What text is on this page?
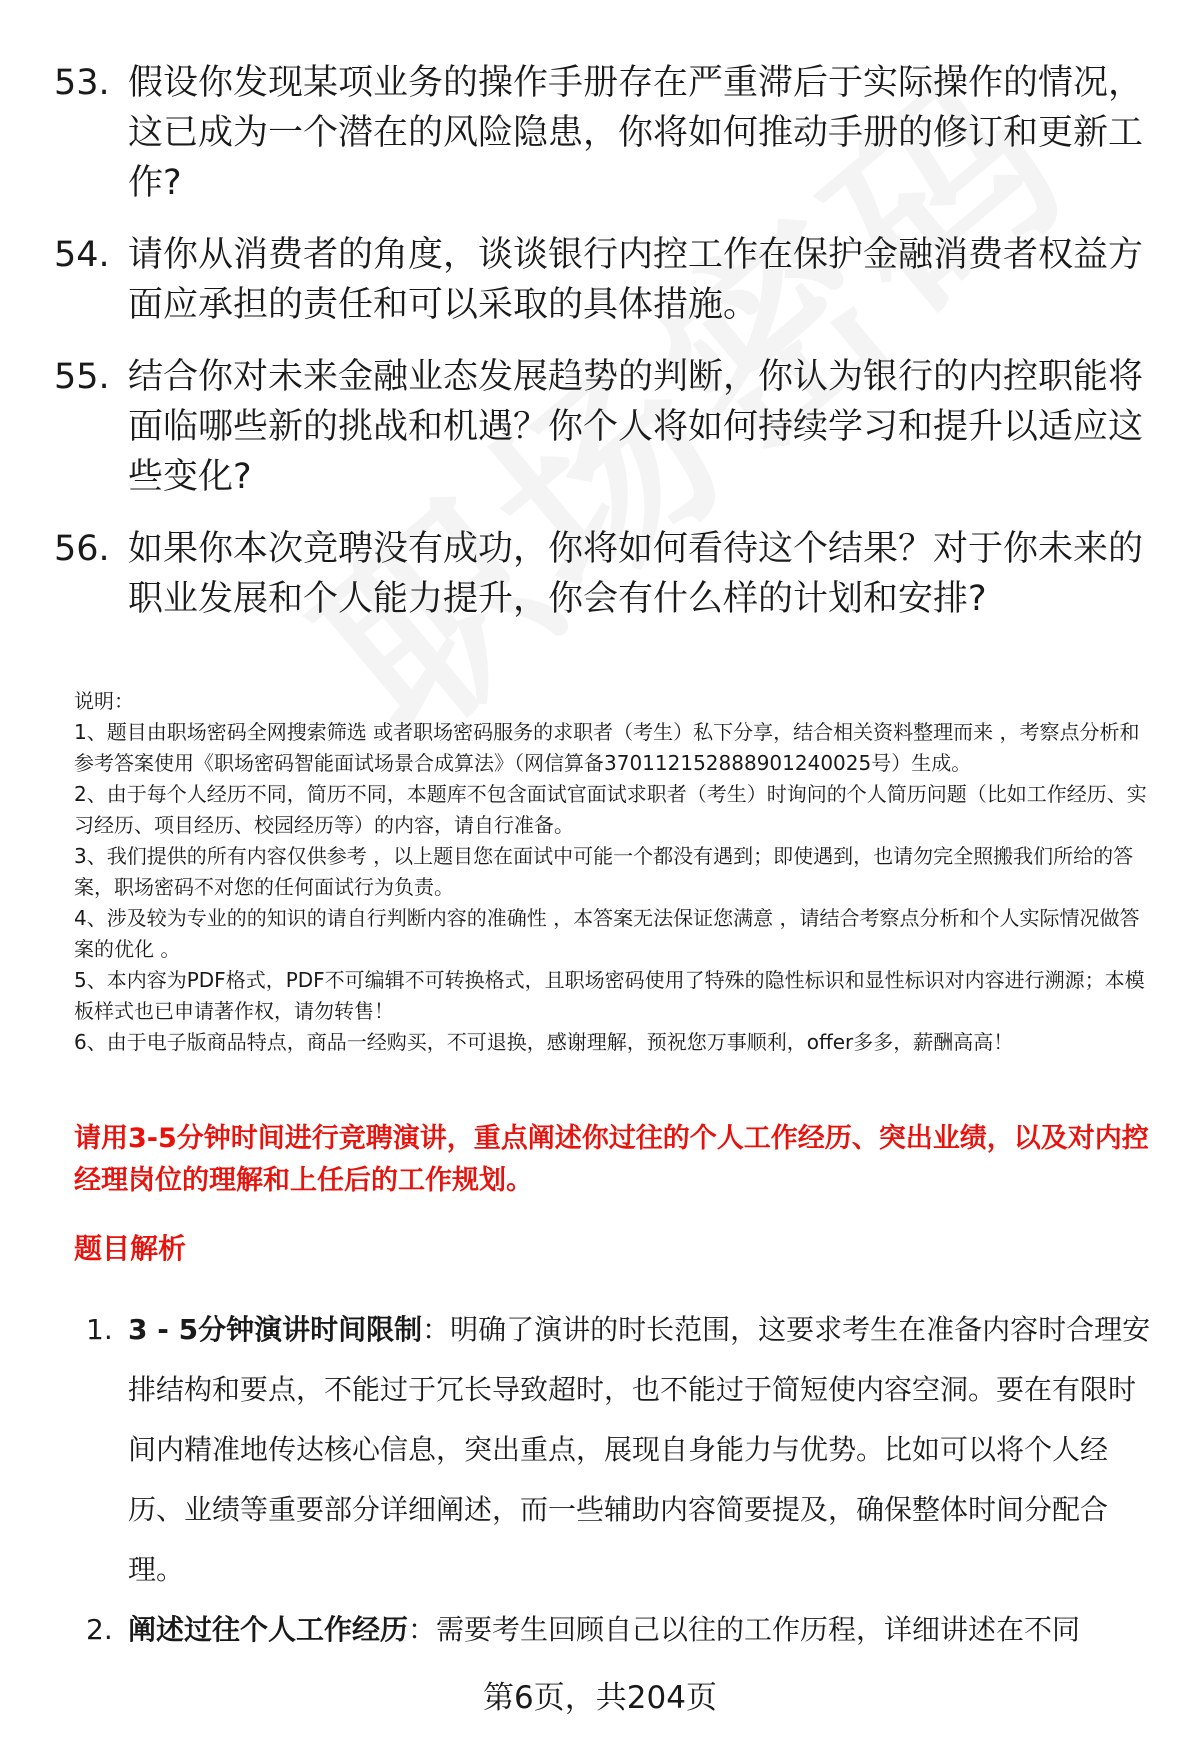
53. 假设你发现某项业务的操作手册存在严重滞后于实际操作的情况，这已成为一个潜在的风险隐患，你将如何推动手册的修订和更新工作?
54. 请你从消费者的角度，谈谈银行内控工作在保护金融消费者权益方面应承担的责任和可以采取的具体措施。
55. 结合你对未来金融业态发展趋势的判断，你认为银行的内控职能将面临哪些新的挑战和机遇？你个人将如何持续学习和提升以适应这些变化?
56. 如果你本次竞聘没有成功，你将如何看待这个结果？对于你未来的职业发展和个人能力提升，你会有什么样的计划和安排?

说明：

1、题目由职场密码全网搜索筛选 或者职场密码服务的求职者（考生）私下分享，结合相关资料整理而来 ，考察点分析和参考答案使用《职场密码智能面试场景合成算法》（网信算备370112152888901240025号）生成。

2、由于每个人经历不同，简历不同，本题库不包含面试官面试求职者（考生）时询问的个人简历问题（比如工作经历、实习经历、项目经历、校园经历等）的内容，请自行准备。

3、我们提供的所有内容仅供参考 ，以上题目您在面试中可能一个都没有遇到；即使遇到，也请勿完全照搬我们所给的答案，职场密码不对您的任何面试行为负责。

4、涉及较为专业的的知识的请自行判断内容的准确性 ，本答案无法保证您满意 ，请结合考察点分析和个人实际情况做答案的优化 。

5、本内容为PDF格式，PDF不可编辑不可转换格式，且职场密码使用了特殊的隐性标识和显性标识对内容进行溯源；本模板样式也已申请著作权，请勿转售！

6、由于电子版商品特点，商品一经购买，不可退换，感谢理解，预祝您万事顺利，offer多多，薪酬高高！

请用3-5分钟时间进行竞聘演讲，重点阐述你过往的个人工作经历、突出业绩，以及对内控经理岗位的理解和上任后的工作规划。
题目解析
1. 3 - 5分钟演讲时间限制：明确了演讲的时长范围，这要求考生在准备内容时合理安排结构和要点，不能过于冗长导致超时，也不能过于简短使内容空洞。要在有限时间内精准地传达核心信息，突出重点，展现自身能力与优势。比如可以将个人经历、业绩等重要部分详细阐述，而一些辅助内容简要提及，确保整体时间分配合理。
2. 阐述过往个人工作经历：需要考生回顾自己以往的工作历程，详细讲述在不同
第6页，共204页
